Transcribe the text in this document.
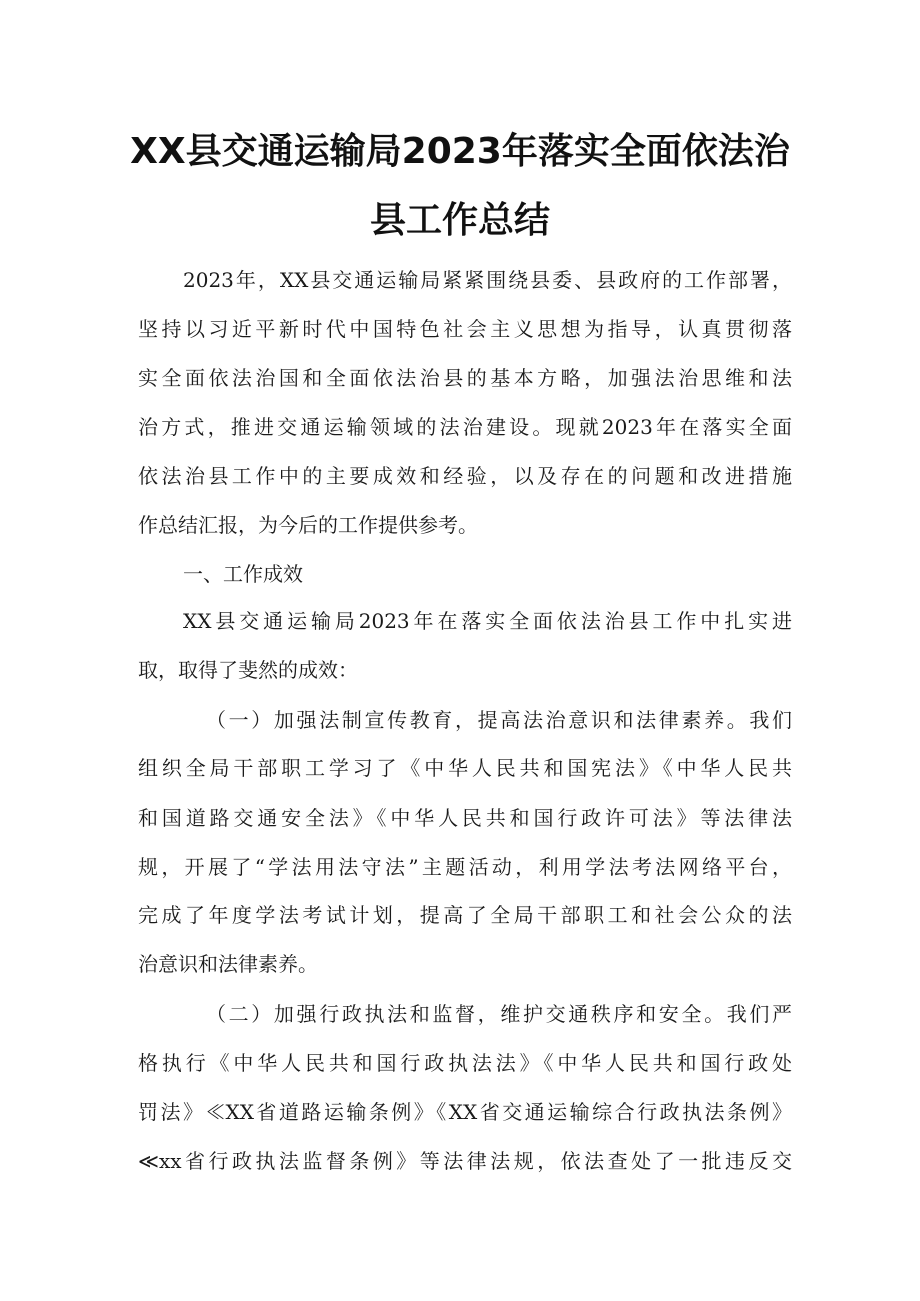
XX县交通运输局2023年落实全面依法治
县工作总结
2023年，XX县交通运输局紧紧围绕县委、县政府的工作部署，
坚持以习近平新时代中国特色社会主义思想为指导，认真贯彻落
实全面依法治国和全面依法治县的基本方略，加强法治思维和法
治方式，推进交通运输领域的法治建设。现就2023年在落实全面
依法治县工作中的主要成效和经验，以及存在的问题和改进措施
作总结汇报，为今后的工作提供参考。
一、工作成效
XX县交通运输局2023年在落实全面依法治县工作中扎实进
取，取得了斐然的成效：
（一）加强法制宣传教育，提高法治意识和法律素养。我们
组织全局干部职工学习了《中华人民共和国宪法》《中华人民共
和国道路交通安全法》《中华人民共和国行政许可法》等法律法
规，开展了“学法用法守法”主题活动，利用学法考法网络平台，
完成了年度学法考试计划，提高了全局干部职工和社会公众的法
治意识和法律素养。
（二）加强行政执法和监督，维护交通秩序和安全。我们严
格执行《中华人民共和国行政执法法》《中华人民共和国行政处
罚法》≪XX省道路运输条例》《XX省交通运输综合行政执法条例》
≪xx省行政执法监督条例》等法律法规，依法查处了一批违反交
